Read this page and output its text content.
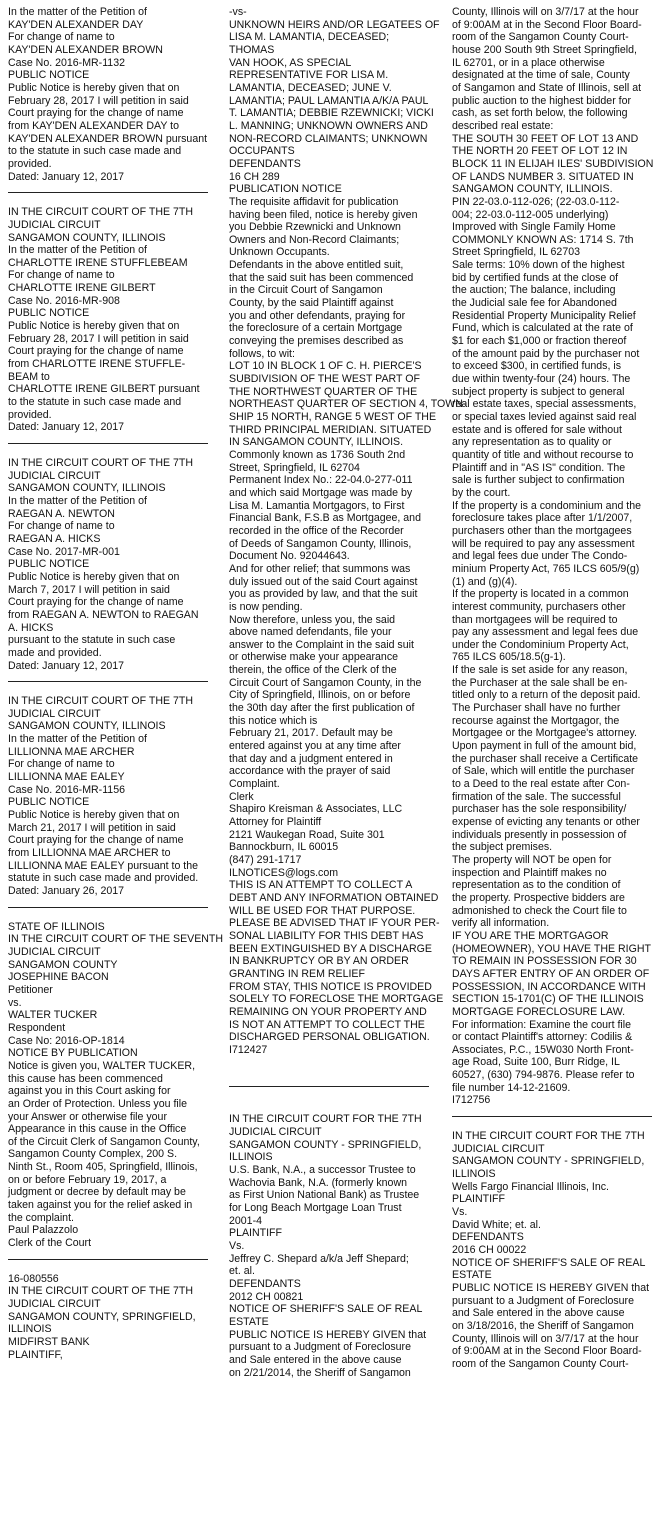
In the matter of the Petition of
KAY'DEN ALEXANDER DAY
For change of name to
KAY'DEN ALEXANDER BROWN
Case No. 2016-MR-1132
PUBLIC NOTICE
Public Notice is hereby given that on
February 28, 2017 I will petition in said
Court praying for the change of name
from KAY'DEN ALEXANDER DAY to
KAY'DEN ALEXANDER BROWN pursuant
to the statute in such case made and
provided.
Dated: January 12, 2017
IN THE CIRCUIT COURT OF THE 7TH
JUDICIAL CIRCUIT
SANGAMON COUNTY, ILLINOIS
In the matter of the Petition of
CHARLOTTE IRENE STUFFLEBEAM
For change of name to
CHARLOTTE IRENE GILBERT
Case No. 2016-MR-908
PUBLIC NOTICE
Public Notice is hereby given that on
February 28, 2017 I will petition in said
Court praying for the change of name
from CHARLOTTE IRENE STUFFLE-
BEAM to
CHARLOTTE IRENE GILBERT pursuant
to the statute in such case made and
provided.
Dated: January 12, 2017
IN THE CIRCUIT COURT OF THE 7TH
JUDICIAL CIRCUIT
SANGAMON COUNTY, ILLINOIS
In the matter of the Petition of
RAEGAN A. NEWTON
For change of name to
RAEGAN A. HICKS
Case No. 2017-MR-001
PUBLIC NOTICE
Public Notice is hereby given that on
March 7, 2017 I will petition in said
Court praying for the change of name
from RAEGAN A. NEWTON to RAEGAN
A. HICKS
pursuant to the statute in such case
made and provided.
Dated: January 12, 2017
IN THE CIRCUIT COURT OF THE 7TH
JUDICIAL CIRCUIT
SANGAMON COUNTY, ILLINOIS
In the matter of the Petition of
LILLIONNA MAE ARCHER
For change of name to
LILLIONNA MAE EALEY
Case No. 2016-MR-1156
PUBLIC NOTICE
Public Notice is hereby given that on
March 21, 2017 I will petition in said
Court praying for the change of name
from LILLIONNA MAE ARCHER to
LILLIONNA MAE EALEY pursuant to the
statute in such case made and provided.
Dated: January 26, 2017
STATE OF ILLINOIS
IN THE CIRCUIT COURT OF THE SEVENTH
JUDICIAL CIRCUIT
SANGAMON COUNTY
JOSEPHINE BACON
Petitioner
vs.
WALTER TUCKER
Respondent
Case No: 2016-OP-1814
NOTICE BY PUBLICATION
Notice is given you, WALTER TUCKER,
this cause has been commenced
against you in this Court asking for
an Order of Protection. Unless you file
your Answer or otherwise file your
Appearance in this cause in the Office
of the Circuit Clerk of Sangamon County,
Sangamon County Complex, 200 S.
Ninth St., Room 405, Springfield, Illinois,
on or before February 19, 2017, a
judgment or decree by default may be
taken against you for the relief asked in
the complaint.
Paul Palazzolo
Clerk of the Court
16-080556
IN THE CIRCUIT COURT OF THE 7TH
JUDICIAL CIRCUIT
SANGAMON COUNTY, SPRINGFIELD,
ILLINOIS
MIDFIRST BANK
PLAINTIFF,
-vs-
UNKNOWN HEIRS AND/OR LEGATEES OF
LISA M. LAMANTIA, DECEASED;
THOMAS
VAN HOOK, AS SPECIAL
REPRESENTATIVE FOR LISA M.
LAMANTIA, DECEASED; JUNE V.
LAMANTIA; PAUL LAMANTIA A/K/A PAUL
T. LAMANTIA; DEBBIE RZEWNICKI; VICKI
L. MANNING; UNKNOWN OWNERS AND
NON-RECORD CLAIMANTS; UNKNOWN
OCCUPANTS
DEFENDANTS
16 CH 289
PUBLICATION NOTICE
The requisite affidavit for publication
having been filed, notice is hereby given
you Debbie Rzewnicki and Unknown
Owners and Non-Record Claimants;
Unknown Occupants.
Defendants in the above entitled suit,
that the said suit has been commenced
in the Circuit Court of Sangamon
County, by the said Plaintiff against
you and other defendants, praying for
the foreclosure of a certain Mortgage
conveying the premises described as
follows, to wit:
LOT 10 IN BLOCK 1 OF C. H. PIERCE'S
SUBDIVISION OF THE WEST PART OF
THE NORTHWEST QUARTER OF THE
NORTHEAST QUARTER OF SECTION 4, TOWN-
SHIP 15 NORTH, RANGE 5 WEST OF THE
THIRD PRINCIPAL MERIDIAN. SITUATED
IN SANGAMON COUNTY, ILLINOIS.
Commonly known as 1736 South 2nd
Street, Springfield, IL 62704
Permanent Index No.: 22-04.0-277-011
and which said Mortgage was made by
Lisa M. Lamantia Mortgagors, to First
Financial Bank, F.S.B as Mortgagee, and
recorded in the office of the Recorder
of Deeds of Sangamon County, Illinois,
Document No. 92044643.
And for other relief; that summons was
duly issued out of the said Court against
you as provided by law, and that the suit
is now pending.
Now therefore, unless you, the said
above named defendants, file your
answer to the Complaint in the said suit
or otherwise make your appearance
therein, the office of the Clerk of the
Circuit Court of Sangamon County, in the
City of Springfield, Illinois, on or before
the 30th day after the first publication of
this notice which is
February 21, 2017. Default may be
entered against you at any time after
that day and a judgment entered in
accordance with the prayer of said
Complaint.
Clerk
Shapiro Kreisman & Associates, LLC
Attorney for Plaintiff
2121 Waukegan Road, Suite 301
Bannockburn, IL 60015
(847) 291-1717
ILNOTICES@logs.com
THIS IS AN ATTEMPT TO COLLECT A
DEBT AND ANY INFORMATION OBTAINED
WILL BE USED FOR THAT PURPOSE.
PLEASE BE ADVISED THAT IF YOUR PER-
SONAL LIABILITY FOR THIS DEBT HAS
BEEN EXTINGUISHED BY A DISCHARGE
IN BANKRUPTCY OR BY AN ORDER
GRANTING IN REM RELIEF
FROM STAY, THIS NOTICE IS PROVIDED
SOLELY TO FORECLOSE THE MORTGAGE
REMAINING ON YOUR PROPERTY AND
IS NOT AN ATTEMPT TO COLLECT THE
DISCHARGED PERSONAL OBLIGATION.
I712427
IN THE CIRCUIT COURT FOR THE 7TH
JUDICIAL CIRCUIT
SANGAMON COUNTY - SPRINGFIELD,
ILLINOIS
U.S. Bank, N.A., a successor Trustee to
Wachovia Bank, N.A. (formerly known
as First Union National Bank) as Trustee
for Long Beach Mortgage Loan Trust
2001-4
PLAINTIFF
Vs.
Jeffrey C. Shepard a/k/a Jeff Shepard;
et. al.
DEFENDANTS
2012 CH 00821
NOTICE OF SHERIFF'S SALE OF REAL
ESTATE
PUBLIC NOTICE IS HEREBY GIVEN that
pursuant to a Judgment of Foreclosure
and Sale entered in the above cause
on 2/21/2014, the Sheriff of Sangamon
County, Illinois will on 3/7/17 at the hour
of 9:00AM at in the Second Floor Board-
room of the Sangamon County Court-
house 200 South 9th Street Springfield,
IL 62701, or in a place otherwise
designated at the time of sale, County
of Sangamon and State of Illinois, sell at
public auction to the highest bidder for
cash, as set forth below, the following
described real estate:
THE SOUTH 30 FEET OF LOT 13 AND
THE NORTH 20 FEET OF LOT 12 IN
BLOCK 11 IN ELIJAH ILES' SUBDIVISION
OF LANDS NUMBER 3. SITUATED IN
SANGAMON COUNTY, ILLINOIS.
PIN 22-03.0-112-026; (22-03.0-112-
004; 22-03.0-112-005 underlying)
Improved with Single Family Home
COMMONLY KNOWN AS: 1714 S. 7th
Street Springfield, IL 62703
Sale terms: 10% down of the highest
bid by certified funds at the close of
the auction; The balance, including
the Judicial sale fee for Abandoned
Residential Property Municipality Relief
Fund, which is calculated at the rate of
$1 for each $1,000 or fraction thereof
of the amount paid by the purchaser not
to exceed $300, in certified funds, is
due within twenty-four (24) hours. The
subject property is subject to general
real estate taxes, special assessments,
or special taxes levied against said real
estate and is offered for sale without
any representation as to quality or
quantity of title and without recourse to
Plaintiff and in "AS IS" condition. The
sale is further subject to confirmation
by the court.
If the property is a condominium and the
foreclosure takes place after 1/1/2007,
purchasers other than the mortgagees
will be required to pay any assessment
and legal fees due under The Condo-
minium Property Act, 765 ILCS 605/9(g)
(1) and (g)(4).
If the property is located in a common
interest community, purchasers other
than mortgagees will be required to
pay any assessment and legal fees due
under the Condominium Property Act,
765 ILCS 605/18.5(g-1).
If the sale is set aside for any reason,
the Purchaser at the sale shall be en-
titled only to a return of the deposit paid.
The Purchaser shall have no further
recourse against the Mortgagor, the
Mortgagee or the Mortgagee's attorney.
Upon payment in full of the amount bid,
the purchaser shall receive a Certificate
of Sale, which will entitle the purchaser
to a Deed to the real estate after Con-
firmation of the sale. The successful
purchaser has the sole responsibility/
expense of evicting any tenants or other
individuals presently in possession of
the subject premises.
The property will NOT be open for
inspection and Plaintiff makes no
representation as to the condition of
the property. Prospective bidders are
admonished to check the Court file to
verify all information.
IF YOU ARE THE MORTGAGOR
(HOMEOWNER), YOU HAVE THE RIGHT
TO REMAIN IN POSSESSION FOR 30
DAYS AFTER ENTRY OF AN ORDER OF
POSSESSION, IN ACCORDANCE WITH
SECTION 15-1701(C) OF THE ILLINOIS
MORTGAGE FORECLOSURE LAW.
For information: Examine the court file
or contact Plaintiff's attorney: Codilis &
Associates, P.C., 15W030 North Front-
age Road, Suite 100, Burr Ridge, IL
60527, (630) 794-9876. Please refer to
file number 14-12-21609.
I712756
IN THE CIRCUIT COURT FOR THE 7TH
JUDICIAL CIRCUIT
SANGAMON COUNTY - SPRINGFIELD,
ILLINOIS
Wells Fargo Financial Illinois, Inc.
PLAINTIFF
Vs.
David White; et. al.
DEFENDANTS
2016 CH 00022
NOTICE OF SHERIFF'S SALE OF REAL
ESTATE
PUBLIC NOTICE IS HEREBY GIVEN that
pursuant to a Judgment of Foreclosure
and Sale entered in the above cause
on 3/18/2016, the Sheriff of Sangamon
County, Illinois will on 3/7/17 at the hour
of 9:00AM at in the Second Floor Board-
room of the Sangamon County Court-
